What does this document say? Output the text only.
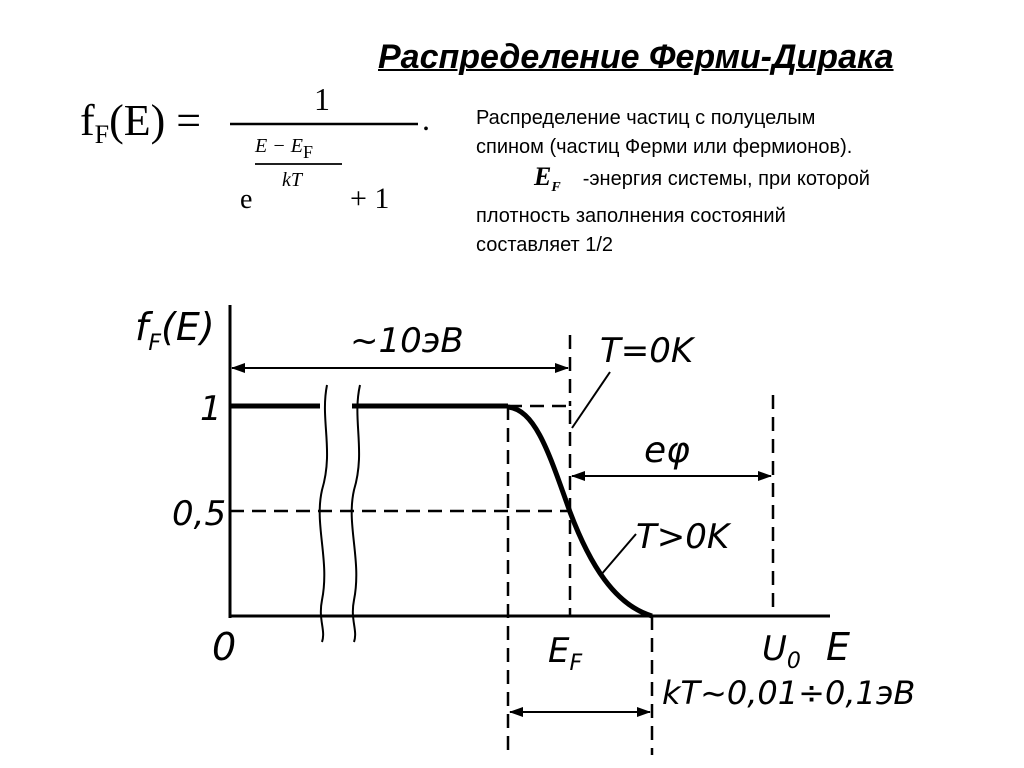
Распределение Ферми-Дирака
fF(E) =	1
e
E − EF
kT
+ 1
. Распределение частиц с полуцелым
спином (частиц Ферми или фермионов).
$E_F$ -энергия системы, при которой
плотность заполнения состояний
составляет 1/2
$f_F(E)$
E
0
1
0,5
~10эВ	T=0K
eφ
T>0K
$E_F$	$U_0$
kT~0,01÷0,1эВ
